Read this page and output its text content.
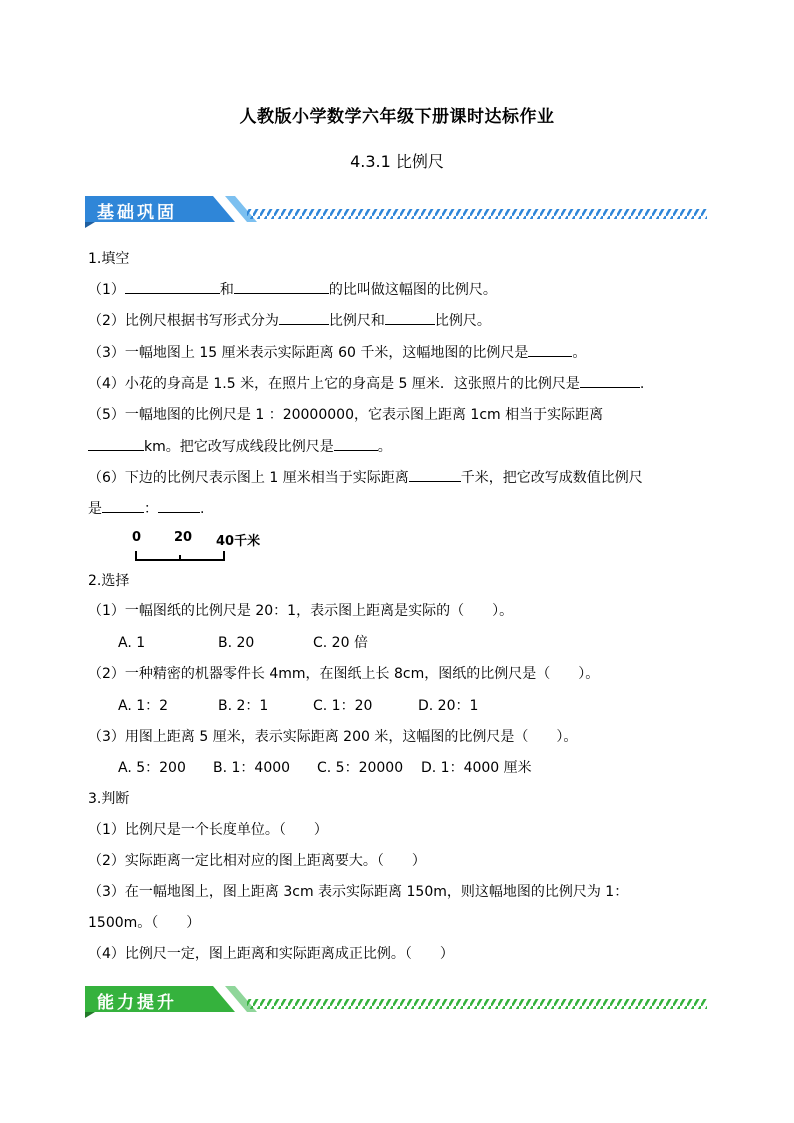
人教版小学数学六年级下册课时达标作业
4.3.1 比例尺
基础巩固
1.填空
（1）	和	的比叫做这幅图的比例尺。
（2）比例尺根据书写形式分为	比例尺和	比例尺。
（3）一幅地图上 15 厘米表示实际距离 60 千米，这幅地图的比例尺是	。
（4）小花的身高是 1.5 米，在照片上它的身高是 5 厘米．这张照片的比例尺是	.
（5）一幅地图的比例尺是 1 ：20000000，它表示图上距离 1cm 相当于实际距离
km。把它改写成线段比例尺是	。
（6）下边的比例尺表示图上 1 厘米相当于实际距离	千米，把它改写成数值比例尺
是	：	.
0	20 40千米
2.选择
（1）一幅图纸的比例尺是 20：1，表示图上距离是实际的（　　）。
A. 1	B. 20	C. 20 倍
（2）一种精密的机器零件长 4mm，在图纸上长 8cm，图纸的比例尺是（　　）。
A. 1：2	B. 2：1	C. 1：20	D. 20：1
（3）用图上距离 5 厘米，表示实际距离 200 米，这幅图的比例尺是（　　）。
A. 5：200 B. 1：4000 C. 5：20000 D. 1：4000 厘米
3.判断
（1）比例尺是一个长度单位。（　　）
（2）实际距离一定比相对应的图上距离要大。（　　）
（3）在一幅地图上，图上距离 3cm 表示实际距离 150m，则这幅地图的比例尺为 1：
1500m。（　　）
（4）比例尺一定，图上距离和实际距离成正比例。（　　）
能力提升
